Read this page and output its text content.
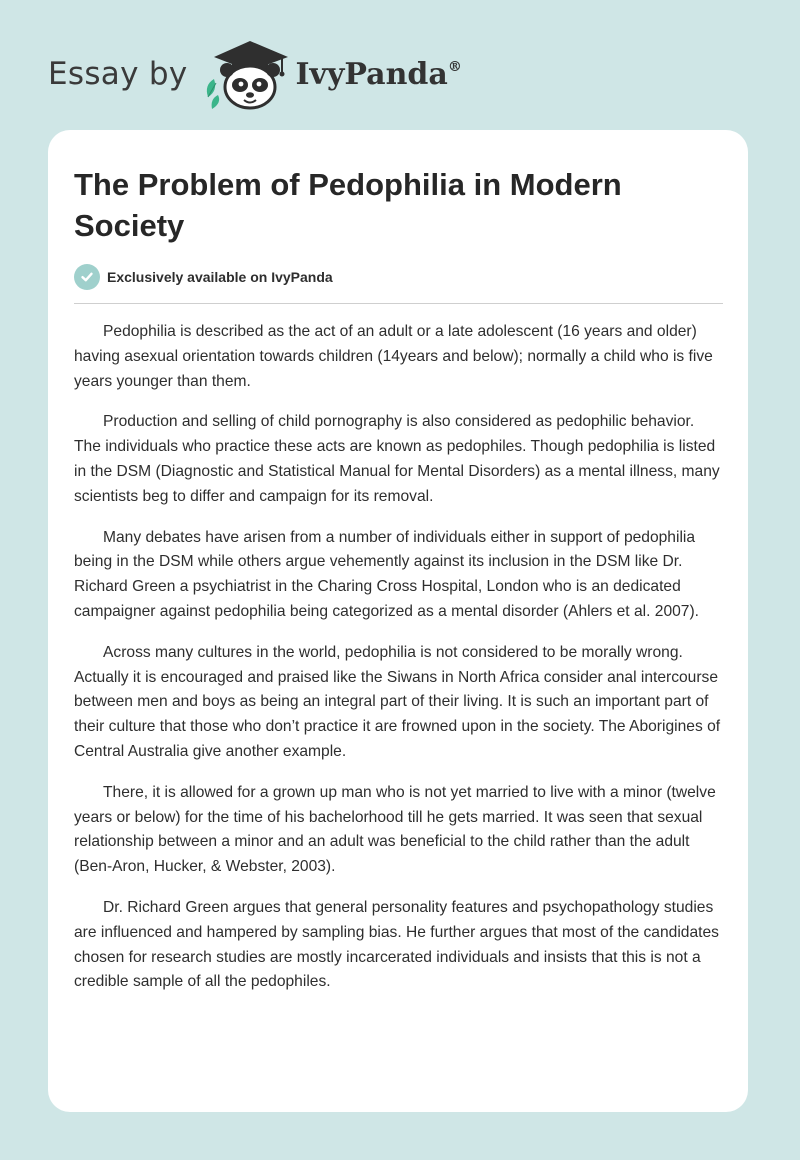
Essay by	IvyPanda®
The Problem of Pedophilia in Modern Society
Exclusively available on IvyPanda

Pedophilia is described as the act of an adult or a late adolescent (16 years and older) having asexual orientation towards children (14years and below); normally a child who is five years younger than them.

Production and selling of child pornography is also considered as pedophilic behavior. The individuals who practice these acts are known as pedophiles. Though pedophilia is listed in the DSM (Diagnostic and Statistical Manual for Mental Disorders) as a mental illness, many scientists beg to differ and campaign for its removal.

Many debates have arisen from a number of individuals either in support of pedophilia being in the DSM while others argue vehemently against its inclusion in the DSM like Dr. Richard Green a psychiatrist in the Charing Cross Hospital, London who is an dedicated campaigner against pedophilia being categorized as a mental disorder (Ahlers et al. 2007).

Across many cultures in the world, pedophilia is not considered to be morally wrong. Actually it is encouraged and praised like the Siwans in North Africa consider anal intercourse between men and boys as being an integral part of their living. It is such an important part of their culture that those who don’t practice it are frowned upon in the society. The Aborigines of Central Australia give another example.

There, it is allowed for a grown up man who is not yet married to live with a minor (twelve years or below) for the time of his bachelorhood till he gets married. It was seen that sexual relationship between a minor and an adult was beneficial to the child rather than the adult (Ben-Aron, Hucker, & Webster, 2003).

Dr. Richard Green argues that general personality features and psychopathology studies are influenced and hampered by sampling bias. He further argues that most of the candidates chosen for research studies are mostly incarcerated individuals and insists that this is not a credible sample of all the pedophiles.
